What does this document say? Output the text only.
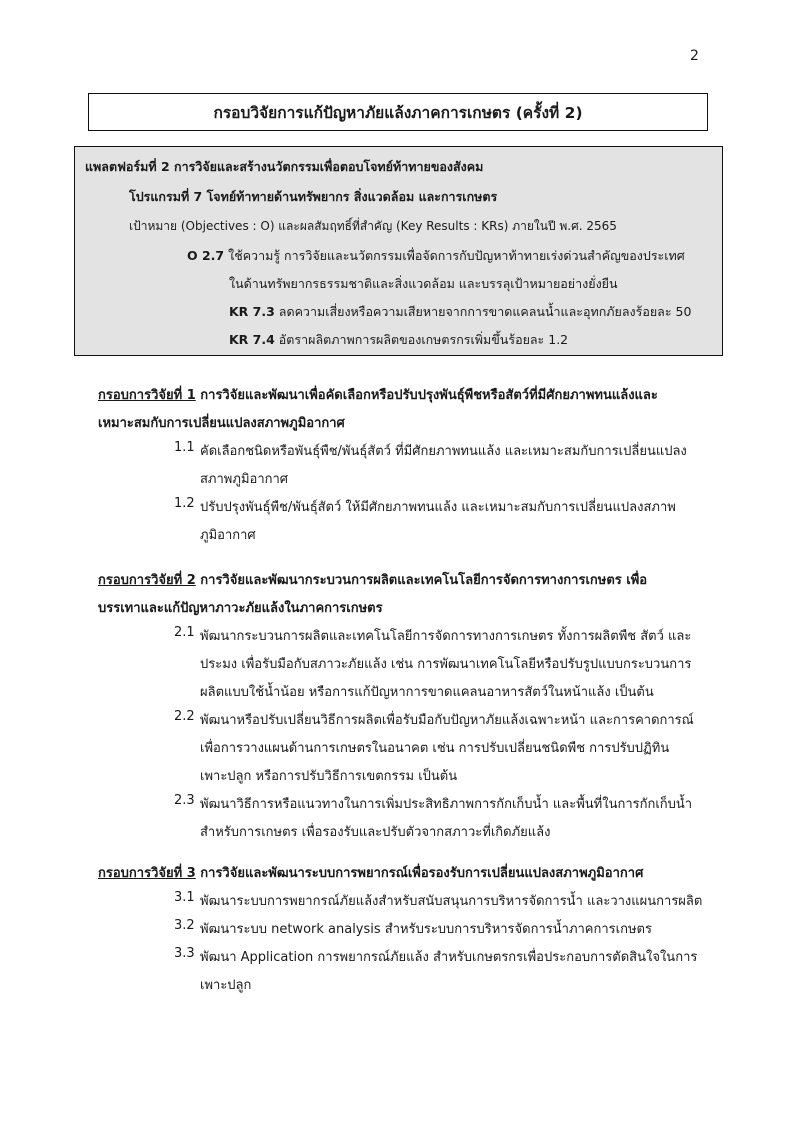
2
กรอบวิจัยการแก้ปัญหาภัยแล้งภาคการเกษตร (ครั้งที่ 2)
แพลตฟอร์มที่ 2 การวิจัยและสร้างนวัตกรรมเพื่อตอบโจทย์ท้าทายของสังคม
โปรแกรมที่ 7 โจทย์ท้าทายด้านทรัพยากร สิ่งแวดล้อม และการเกษตร
เป้าหมาย (Objectives : O) และผลสัมฤทธิ์ที่สำคัญ (Key Results : KRs) ภายในปี พ.ศ. 2565
O 2.7 ใช้ความรู้ การวิจัยและนวัตกรรมเพื่อจัดการกับปัญหาท้าทายเร่งด่วนสำคัญของประเทศ
ในด้านทรัพยากรธรรมชาติและสิ่งแวดล้อม และบรรลุเป้าหมายอย่างยั่งยืน
KR 7.3 ลดความเสี่ยงหรือความเสียหายจากการขาดแคลนน้ำและอุทกภัยลงร้อยละ 50
KR 7.4 อัตราผลิตภาพการผลิตของเกษตรกรเพิ่มขึ้นร้อยละ 1.2
กรอบการวิจัยที่ 1 การวิจัยและพัฒนาเพื่อคัดเลือกหรือปรับปรุงพันธุ์พืชหรือสัตว์ที่มีศักยภาพทนแล้งและ
เหมาะสมกับการเปลี่ยนแปลงสภาพภูมิอากาศ
1.1 คัดเลือกชนิดหรือพันธุ์พืช/พันธุ์สัตว์ ที่มีศักยภาพทนแล้ง และเหมาะสมกับการเปลี่ยนแปลง
สภาพภูมิอากาศ
1.2 ปรับปรุงพันธุ์พืช/พันธุ์สัตว์ ให้มีศักยภาพทนแล้ง และเหมาะสมกับการเปลี่ยนแปลงสภาพ
ภูมิอากาศ
กรอบการวิจัยที่ 2 การวิจัยและพัฒนากระบวนการผลิตและเทคโนโลยีการจัดการทางการเกษตร เพื่อ
บรรเทาและแก้ปัญหาภาวะภัยแล้งในภาคการเกษตร
2.1 พัฒนากระบวนการผลิตและเทคโนโลยีการจัดการทางการเกษตร ทั้งการผลิตพืช สัตว์ และ
ประมง เพื่อรับมือกับสภาวะภัยแล้ง เช่น การพัฒนาเทคโนโลยีหรือปรับรูปแบบกระบวนการ
ผลิตแบบใช้น้ำน้อย หรือการแก้ปัญหาการขาดแคลนอาหารสัตว์ในหน้าแล้ง เป็นต้น
2.2 พัฒนาหรือปรับเปลี่ยนวิธีการผลิตเพื่อรับมือกับปัญหาภัยแล้งเฉพาะหน้า และการคาดการณ์
เพื่อการวางแผนด้านการเกษตรในอนาคต เช่น การปรับเปลี่ยนชนิดพืช การปรับปฏิทิน
เพาะปลูก หรือการปรับวิธีการเขตกรรม เป็นต้น
2.3 พัฒนาวิธีการหรือแนวทางในการเพิ่มประสิทธิภาพการกักเก็บน้ำ และพื้นที่ในการกักเก็บน้ำ
สำหรับการเกษตร เพื่อรองรับและปรับตัวจากสภาวะที่เกิดภัยแล้ง
กรอบการวิจัยที่ 3 การวิจัยและพัฒนาระบบการพยากรณ์เพื่อรองรับการเปลี่ยนแปลงสภาพภูมิอากาศ
3.1 พัฒนาระบบการพยากรณ์ภัยแล้งสำหรับสนับสนุนการบริหารจัดการน้ำ และวางแผนการผลิต
3.2 พัฒนาระบบ network analysis สำหรับระบบการบริหารจัดการน้ำภาคการเกษตร
3.3 พัฒนา Application การพยากรณ์ภัยแล้ง สำหรับเกษตรกรเพื่อประกอบการตัดสินใจในการ
เพาะปลูก
